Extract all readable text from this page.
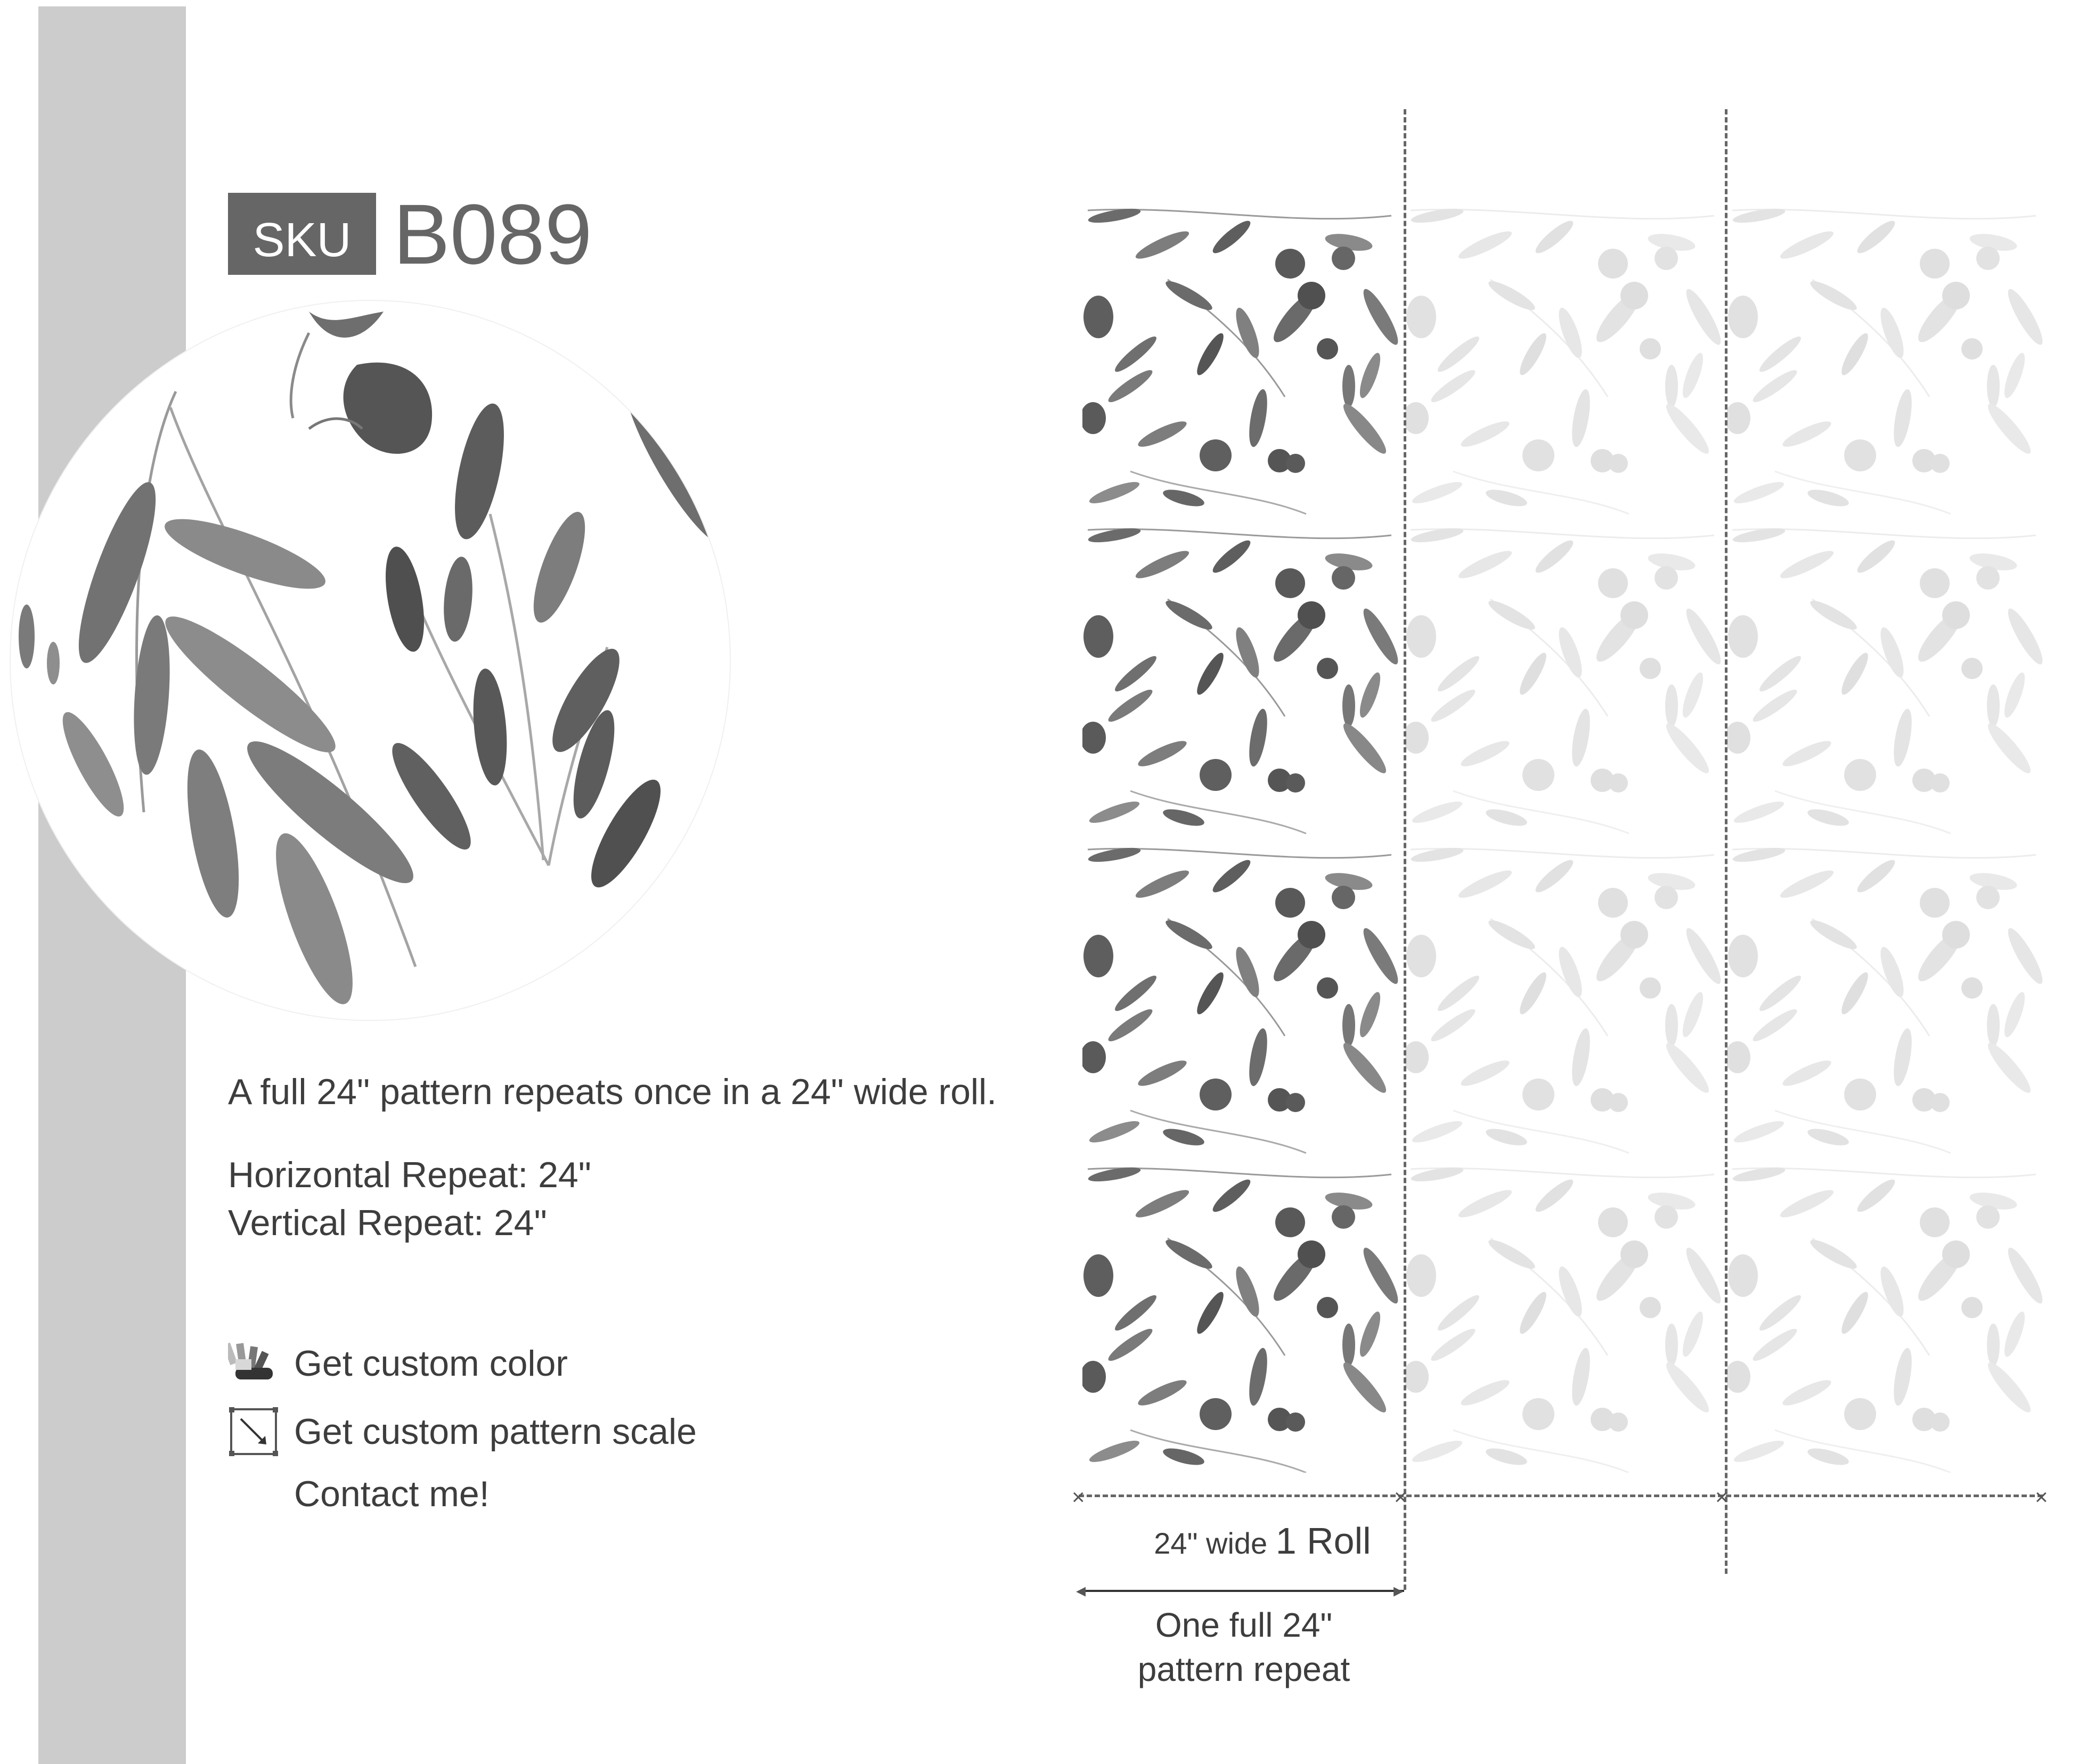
SKU B089
A full 24" pattern repeats once in a 24" wide roll.
Horizontal Repeat: 24"
Vertical Repeat: 24"
Get custom color
Get custom pattern scale
Contact me!	×	×	×	×
24" wide 1 Roll
◂	▸
One full 24"
pattern repeat
